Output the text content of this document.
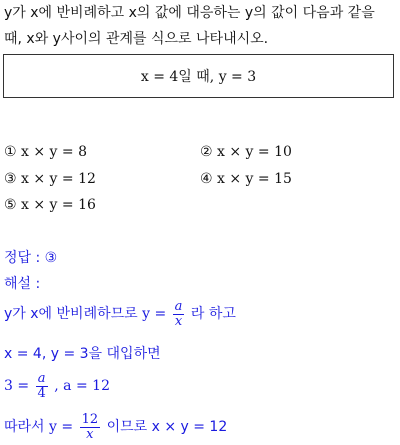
y가 x에 반비례하고 x의 값에 대응하는 y의 값이 다음과 같을
때, x와 y사이의 관계를 식으로 나타내시오.
x = 4일 때, y = 3
① x × y = 8	② x × y = 10
③ x × y = 12	④ x × y = 15
⑤ x × y = 16
정답 : ③
해설 :
y가 x에 반비례하므로 $y = \frac{a}{x}$ 라 하고
x = 4, y = 3을 대입하면
$3 = \frac{a}{4}$ , a = 12
따라서 $y = \frac{12}{x}$ 이므로 x × y = 12
